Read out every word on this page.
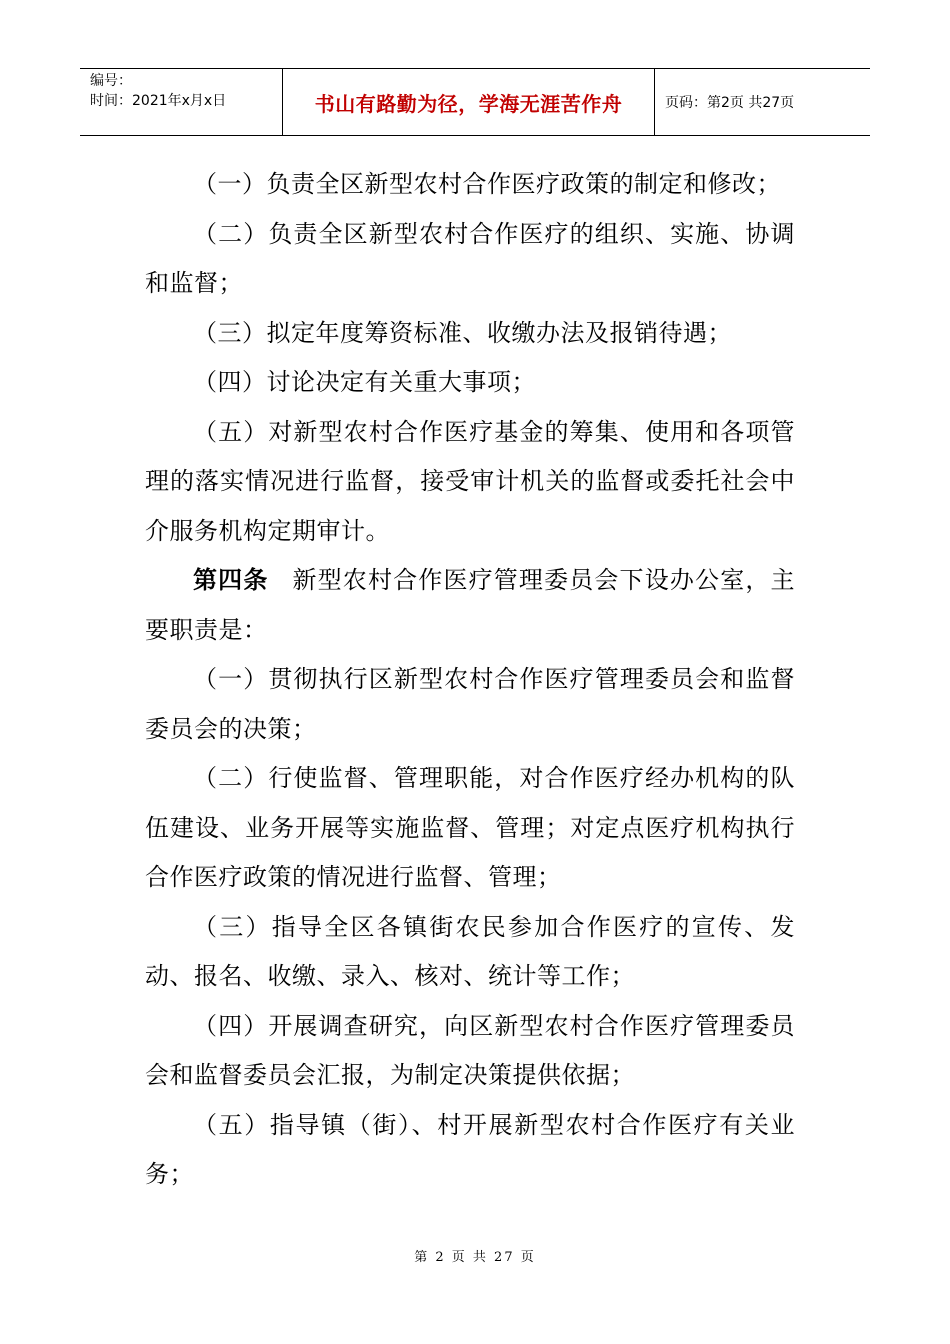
编号：
时间：2021年x月x日	书山有路勤为径，学海无涯苦作舟	页码：第2页 共27页

（一）负责全区新型农村合作医疗政策的制定和修改；

（二）负责全区新型农村合作医疗的组织、实施、协调和监督；

（三）拟定年度筹资标准、收缴办法及报销待遇；

（四）讨论决定有关重大事项；

（五）对新型农村合作医疗基金的筹集、使用和各项管理的落实情况进行监督，接受审计机关的监督或委托社会中介服务机构定期审计。

第四条 新型农村合作医疗管理委员会下设办公室，主要职责是：

（一）贯彻执行区新型农村合作医疗管理委员会和监督委员会的决策；

（二）行使监督、管理职能，对合作医疗经办机构的队伍建设、业务开展等实施监督、管理；对定点医疗机构执行合作医疗政策的情况进行监督、管理；

（三）指导全区各镇街农民参加合作医疗的宣传、发动、报名、收缴、录入、核对、统计等工作；

（四）开展调查研究，向区新型农村合作医疗管理委员会和监督委员会汇报，为制定决策提供依据；

（五）指导镇（街）、村开展新型农村合作医疗有关业务；

第 2 页 共 27 页
